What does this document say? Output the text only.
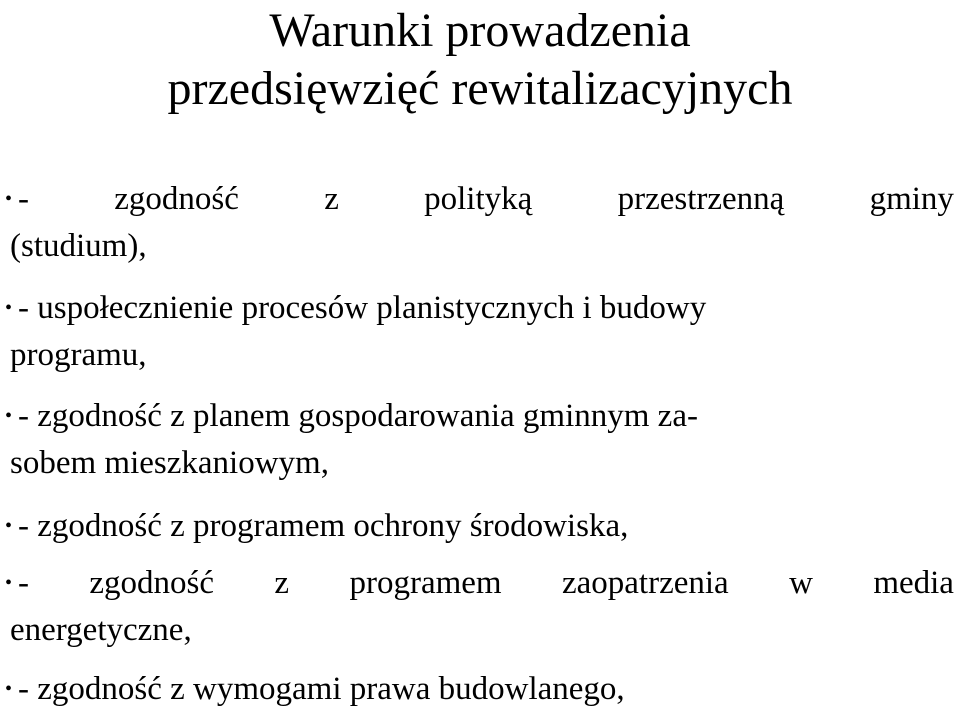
Warunki prowadzenia
przedsięwzięć rewitalizacyjnych
• -	zgodność	z	polityką	przestrzenną	gminy
(studium),
• - uspołecznienie procesów planistycznych i budowy
programu,
• - zgodność z planem gospodarowania gminnym za-
sobem mieszkaniowym,
• - zgodność z programem ochrony środowiska,
• - zgodność z programem zaopatrzenia w media
energetyczne,
• - zgodność z wymogami prawa budowlanego,
